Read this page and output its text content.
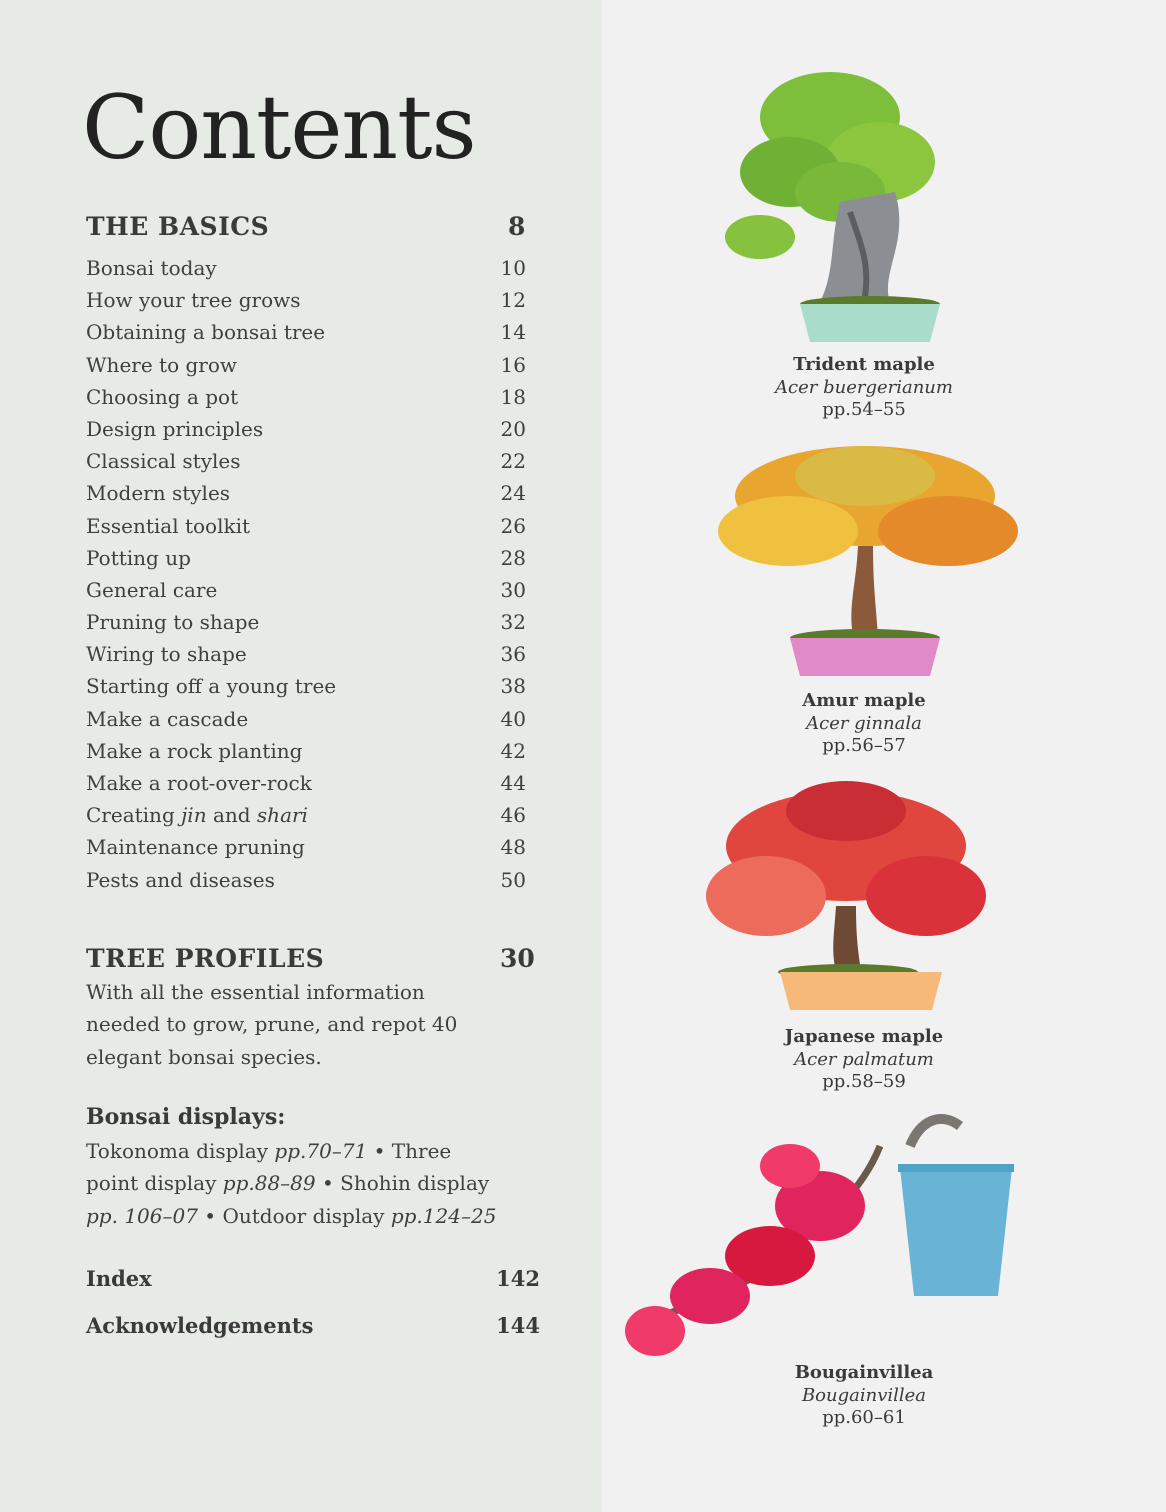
Contents
THE BASICS	8
Bonsai today	10
How your tree grows	12
Obtaining a bonsai tree	14
Where to grow	16
Choosing a pot	18
Design principles	20
Classical styles	22
Modern styles	24
Essential toolkit	26
Potting up	28
General care	30
Pruning to shape	32
Wiring to shape	36
Starting off a young tree	38
Make a cascade	40
Make a rock planting	42
Make a root-over-rock	44
Creating jin and shari	46
Maintenance pruning	48
Pests and diseases	50
TREE PROFILES	30
With all the essential information needed to grow, prune, and repot 40 elegant bonsai species.
Bonsai displays:
Tokonoma display pp.70–71 • Three point display pp.88–89 • Shohin display pp. 106–07 • Outdoor display pp.124–25
Index	142
Acknowledgements	144
Trident maple
Acer buergerianum
pp.54–55
Amur maple
Acer ginnala
pp.56–57
Japanese maple
Acer palmatum
pp.58–59
Bougainvillea
Bougainvillea
pp.60–61
